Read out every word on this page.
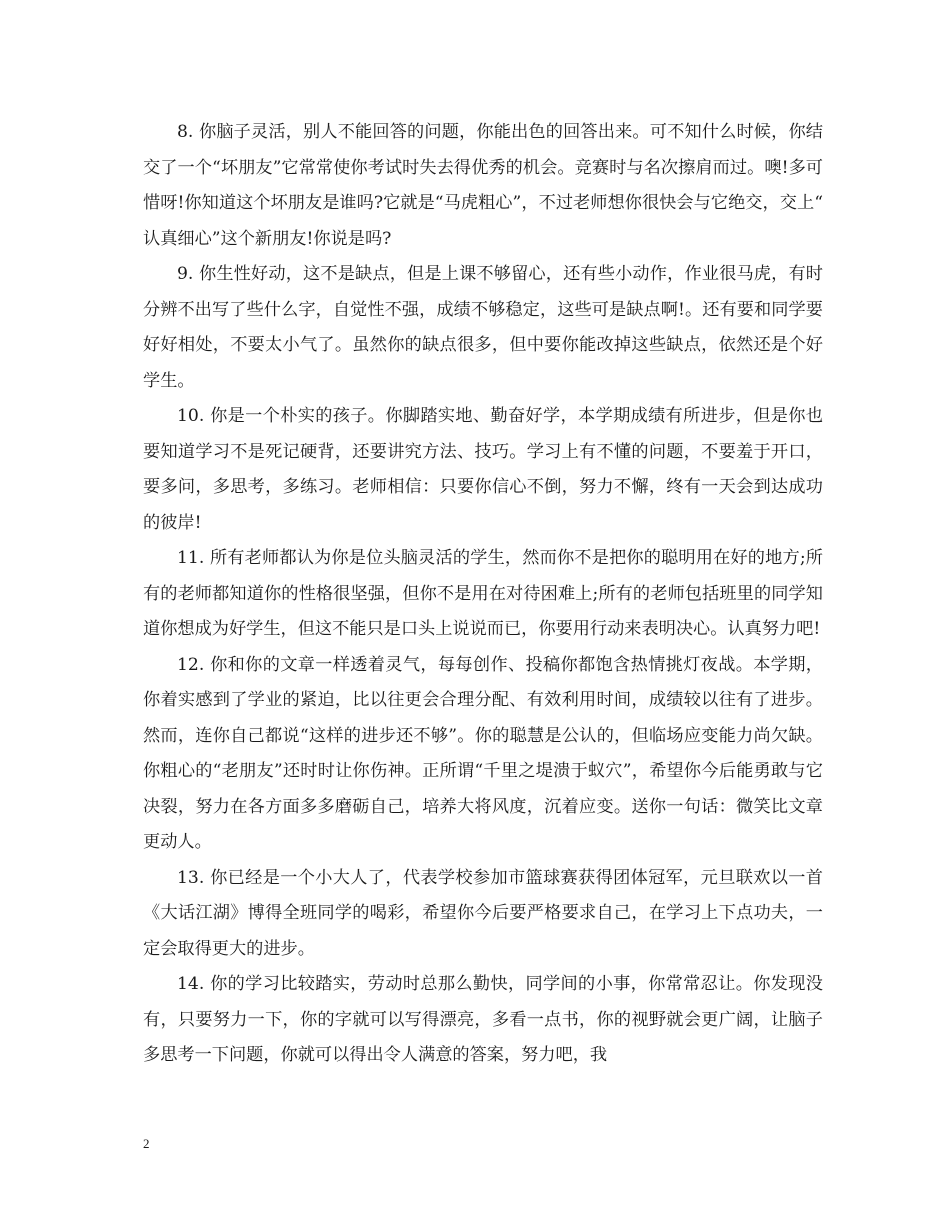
8. 你脑子灵活，别人不能回答的问题，你能出色的回答出来。可不知什么时候，你结交了一个“坏朋友”它常常使你考试时失去得优秀的机会。竞赛时与名次擦肩而过。噢!多可惜呀!你知道这个坏朋友是谁吗?它就是“马虎粗心”，不过老师想你很快会与它绝交，交上“认真细心”这个新朋友!你说是吗?

9. 你生性好动，这不是缺点，但是上课不够留心，还有些小动作，作业很马虎，有时分辨不出写了些什么字，自觉性不强，成绩不够稳定，这些可是缺点啊!。还有要和同学要好好相处，不要太小气了。虽然你的缺点很多，但中要你能改掉这些缺点，依然还是个好学生。

10. 你是一个朴实的孩子。你脚踏实地、勤奋好学，本学期成绩有所进步，但是你也要知道学习不是死记硬背，还要讲究方法、技巧。学习上有不懂的问题，不要羞于开口，要多问，多思考，多练习。老师相信：只要你信心不倒，努力不懈，终有一天会到达成功的彼岸!

11. 所有老师都认为你是位头脑灵活的学生，然而你不是把你的聪明用在好的地方;所有的老师都知道你的性格很坚强，但你不是用在对待困难上;所有的老师包括班里的同学知道你想成为好学生，但这不能只是口头上说说而已，你要用行动来表明决心。认真努力吧!

12. 你和你的文章一样透着灵气，每每创作、投稿你都饱含热情挑灯夜战。本学期，你着实感到了学业的紧迫，比以往更会合理分配、有效利用时间，成绩较以往有了进步。然而，连你自己都说“这样的进步还不够”。你的聪慧是公认的，但临场应变能力尚欠缺。你粗心的“老朋友”还时时让你伤神。正所谓“千里之堤溃于蚁穴”，希望你今后能勇敢与它决裂，努力在各方面多多磨砺自己，培养大将风度，沉着应变。送你一句话：微笑比文章更动人。

13. 你已经是一个小大人了，代表学校参加市篮球赛获得团体冠军，元旦联欢以一首《大话江湖》博得全班同学的喝彩，希望你今后要严格要求自己，在学习上下点功夫，一定会取得更大的进步。

14. 你的学习比较踏实，劳动时总那么勤快，同学间的小事，你常常忍让。你发现没有，只要努力一下，你的字就可以写得漂亮，多看一点书，你的视野就会更广阔，让脑子多思考一下问题，你就可以得出令人满意的答案，努力吧，我

2
